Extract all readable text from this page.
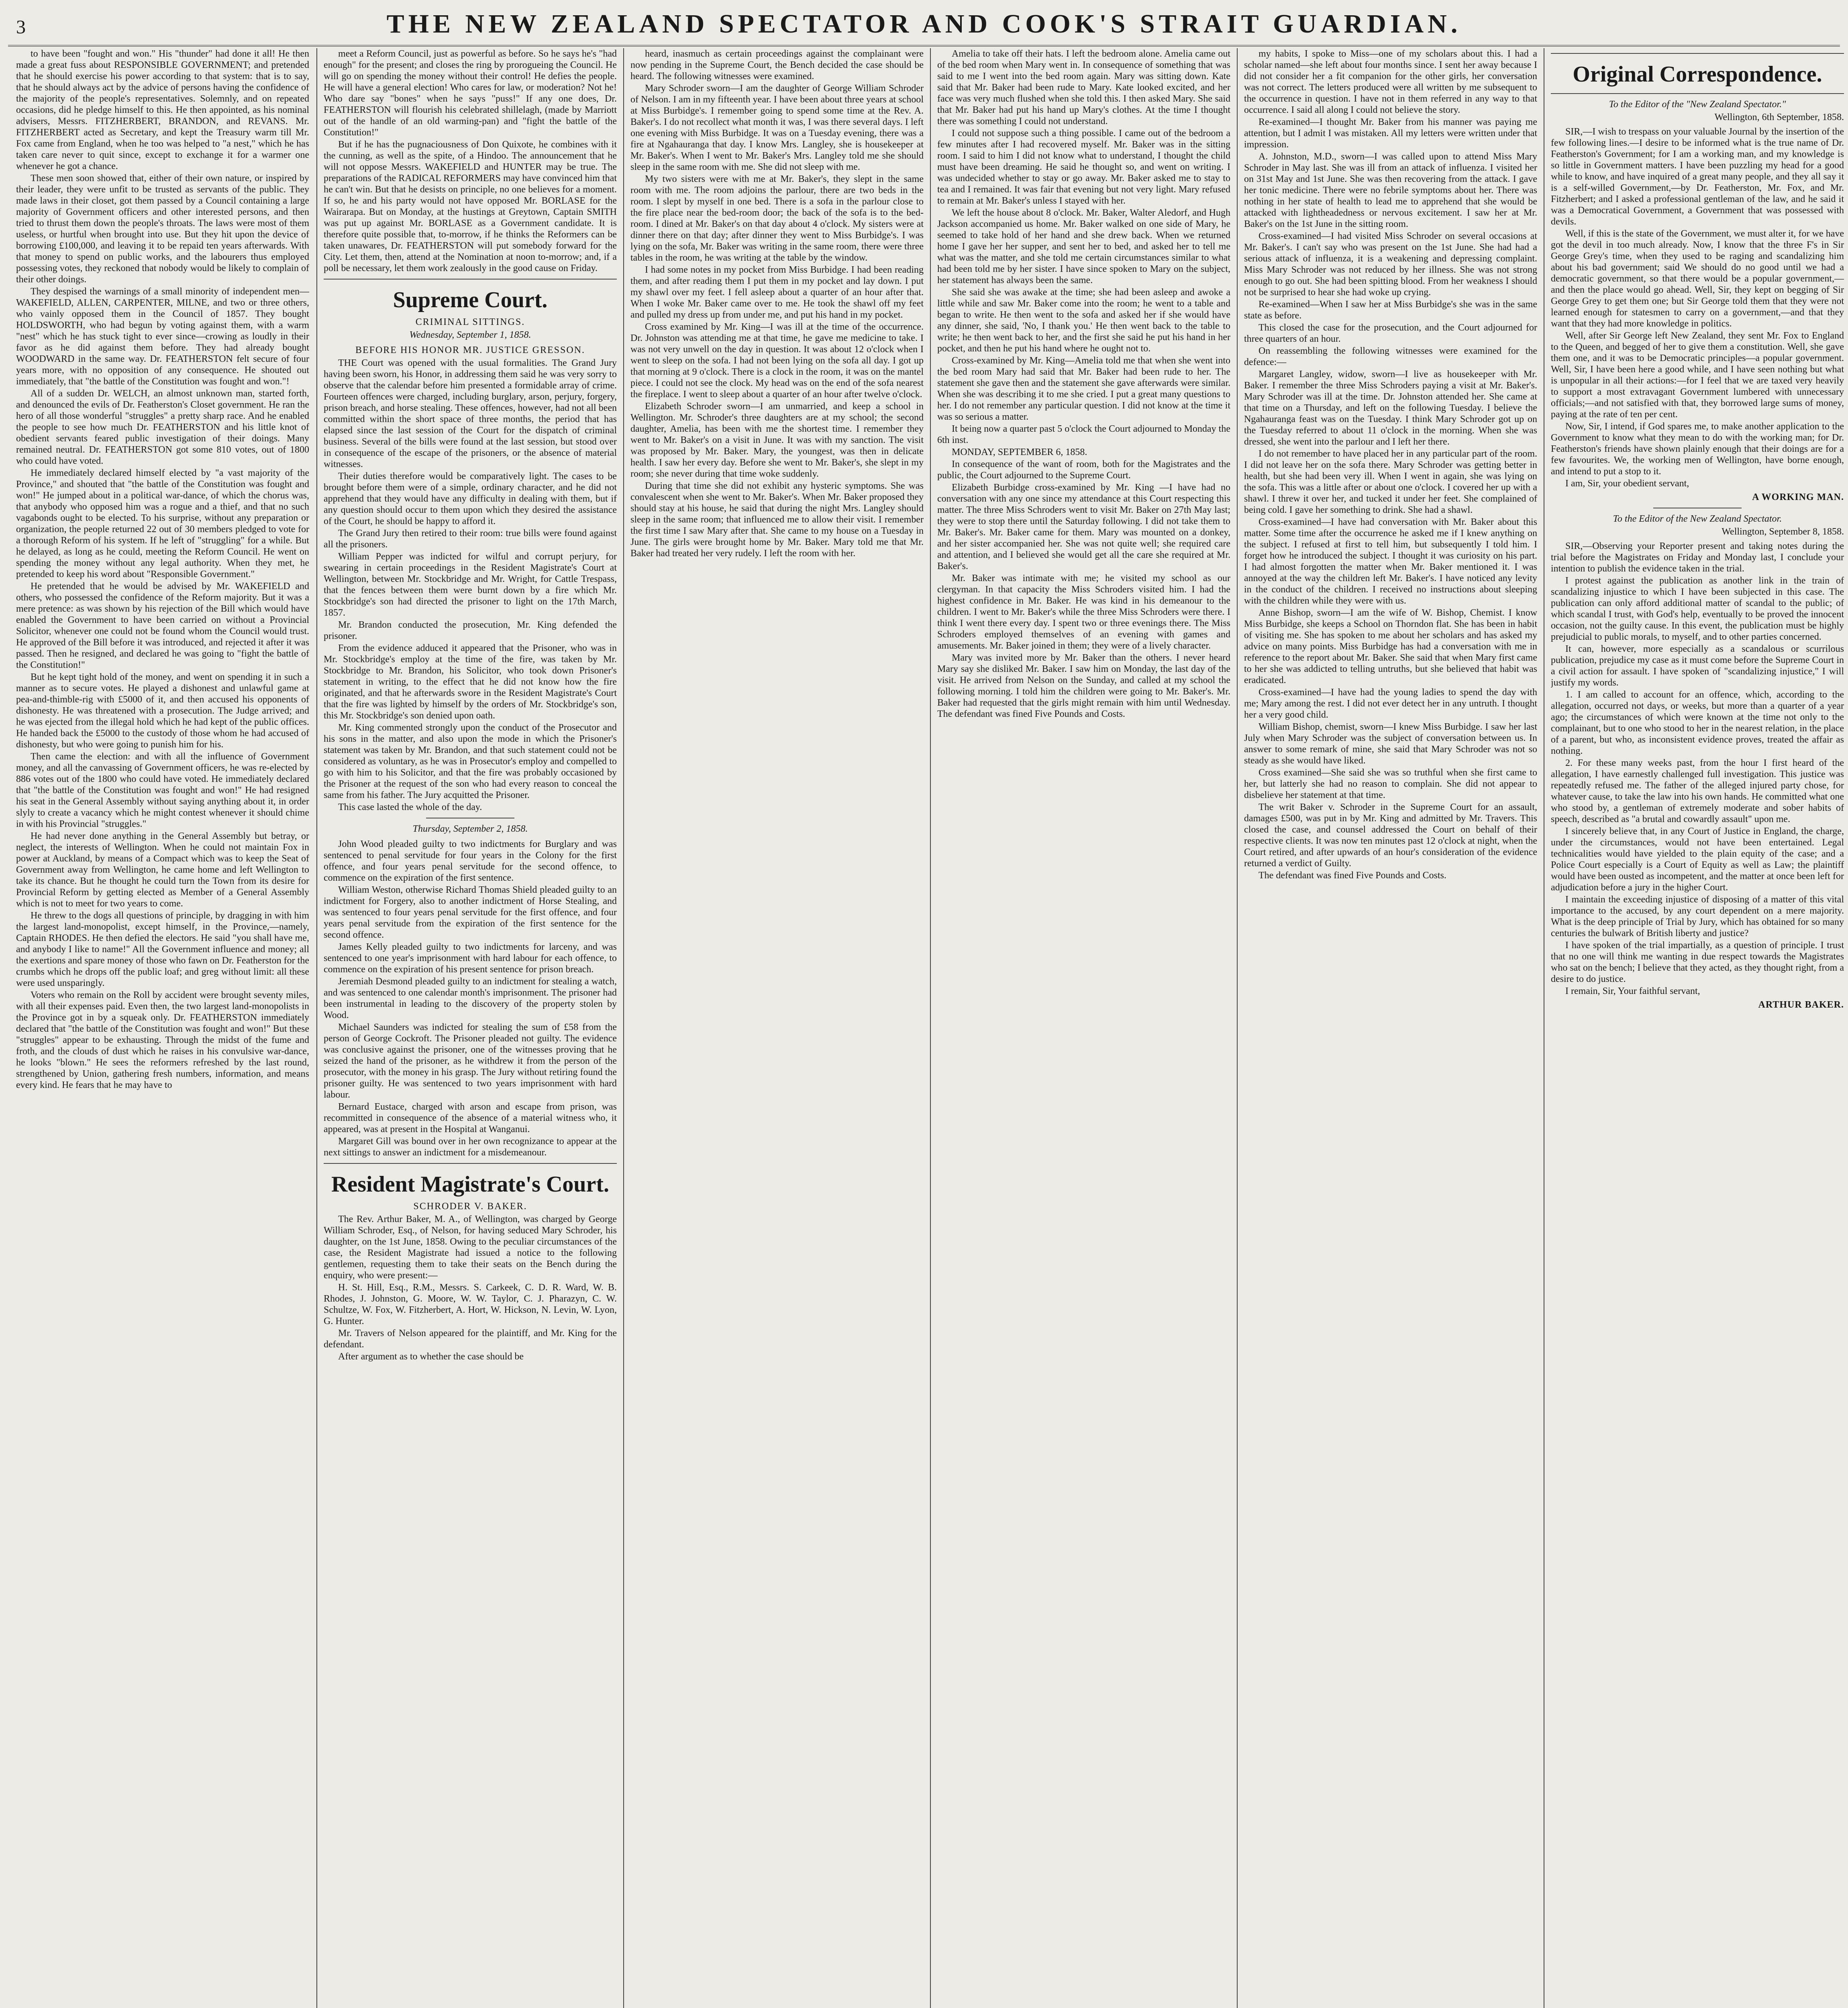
3	THE NEW ZEALAND SPECTATOR AND COOK'S STRAIT GUARDIAN.

to have been "fought and won." His "thunder" had done it all! He then made a great fuss about RESPONSIBLE GOVERNMENT; and pretended that he should exercise his power according to that system: that is to say, that he should always act by the advice of persons having the confidence of the majority of the people's representatives. Solemnly, and on repeated occasions, did he pledge himself to this. He then appointed, as his nominal advisers, Messrs. FITZHERBERT, BRANDON, and REVANS. Mr. FITZHERBERT acted as Secretary, and kept the Treasury warm till Mr. Fox came from England, when he too was helped to "a nest," which he has taken care never to quit since, except to exchange it for a warmer one whenever he got a chance.

These men soon showed that, either of their own nature, or inspired by their leader, they were unfit to be trusted as servants of the public. They made laws in their closet, got them passed by a Council containing a large majority of Government officers and other interested persons, and then tried to thrust them down the people's throats. The laws were most of them useless, or hurtful when brought into use. But they hit upon the device of borrowing £100,000, and leaving it to be repaid ten years afterwards. With that money to spend on public works, and the labourers thus employed possessing votes, they reckoned that nobody would be likely to complain of their other doings.

They despised the warnings of a small minority of independent men—WAKEFIELD, ALLEN, CARPENTER, MILNE, and two or three others, who vainly opposed them in the Council of 1857. They bought HOLDSWORTH, who had begun by voting against them, with a warm "nest" which he has stuck tight to ever since—crowing as loudly in their favor as he did against them before. They had already bought WOODWARD in the same way. Dr. FEATHERSTON felt secure of four years more, with no opposition of any consequence. He shouted out immediately, that "the battle of the Constitution was fought and won."!

All of a sudden Dr. WELCH, an almost unknown man, started forth, and denounced the evils of Dr. Featherston's Closet government. He ran the hero of all those wonderful "struggles" a pretty sharp race. And he enabled the people to see how much Dr. FEATHERSTON and his little knot of obedient servants feared public investigation of their doings. Many remained neutral. Dr. FEATHERSTON got some 810 votes, out of 1800 who could have voted.

He immediately declared himself elected by "a vast majority of the Province," and shouted that "the battle of the Constitution was fought and won!" He jumped about in a political war-dance, of which the chorus was, that anybody who opposed him was a rogue and a thief, and that no such vagabonds ought to be elected. To his surprise, without any preparation or organization, the people returned 22 out of 30 members pledged to vote for a thorough Reform of his system. If he left of "struggling" for a while. But he delayed, as long as he could, meeting the Reform Council. He went on spending the money without any legal authority. When they met, he pretended to keep his word about "Responsible Government."

He pretended that he would be advised by Mr. WAKEFIELD and others, who possessed the confidence of the Reform majority. But it was a mere pretence: as was shown by his rejection of the Bill which would have enabled the Government to have been carried on without a Provincial Solicitor, whenever one could not be found whom the Council would trust. He approved of the Bill before it was introduced, and rejected it after it was passed. Then he resigned, and declared he was going to "fight the battle of the Constitution!"

But he kept tight hold of the money, and went on spending it in such a manner as to secure votes. He played a dishonest and unlawful game at pea-and-thimble-rig with £5000 of it, and then accused his opponents of dishonesty. He was threatened with a prosecution. The Judge arrived; and he was ejected from the illegal hold which he had kept of the public offices. He handed back the £5000 to the custody of those whom he had accused of dishonesty, but who were going to punish him for his.

Then came the election: and with all the influence of Government money, and all the canvassing of Government officers, he was re-elected by 886 votes out of the 1800 who could have voted. He immediately declared that "the battle of the Constitution was fought and won!" He had resigned his seat in the General Assembly without saying anything about it, in order slyly to create a vacancy which he might contest whenever it should chime in with his Provincial "struggles."

He had never done anything in the General Assembly but betray, or neglect, the interests of Wellington. When he could not maintain Fox in power at Auckland, by means of a Compact which was to keep the Seat of Government away from Wellington, he came home and left Wellington to take its chance. But he thought he could turn the Town from its desire for Provincial Reform by getting elected as Member of a General Assembly which is not to meet for two years to come.

He threw to the dogs all questions of principle, by dragging in with him the largest land-monopolist, except himself, in the Province,—namely, Captain RHODES. He then defied the electors. He said "you shall have me, and anybody I like to name!" All the Government influence and money; all the exertions and spare money of those who fawn on Dr. Featherston for the crumbs which he drops off the public loaf; and greg without limit: all these were used unsparingly.

Voters who remain on the Roll by accident were brought seventy miles, with all their expenses paid. Even then, the two largest land-monopolists in the Province got in by a squeak only. Dr. FEATHERSTON immediately declared that "the battle of the Constitution was fought and won!" But these "struggles" appear to be exhausting. Through the midst of the fume and froth, and the clouds of dust which he raises in his convulsive war-dance, he looks "blown." He sees the reformers refreshed by the last round, strengthened by Union, gathering fresh numbers, information, and means every kind. He fears that he may have to

meet a Reform Council, just as powerful as before. So he says he's "had enough" for the present; and closes the ring by prorogueing the Council. He will go on spending the money without their control! He defies the people. He will have a general election! Who cares for law, or moderation? Not he! Who dare say "bones" when he says "puss!" If any one does, Dr. FEATHERSTON will flourish his celebrated shillelagh, (made by Marriott out of the handle of an old warming-pan) and "fight the battle of the Constitution!"

But if he has the pugnaciousness of Don Quixote, he combines with it the cunning, as well as the spite, of a Hindoo. The announcement that he will not oppose Messrs. WAKEFIELD and HUNTER may be true. The preparations of the RADICAL REFORMERS may have convinced him that he can't win. But that he desists on principle, no one believes for a moment. If so, he and his party would not have opposed Mr. BORLASE for the Wairarapa. But on Monday, at the hustings at Greytown, Captain SMITH was put up against Mr. BORLASE as a Government candidate. It is therefore quite possible that, to-morrow, if he thinks the Reformers can be taken unawares, Dr. FEATHERSTON will put somebody forward for the City. Let them, then, attend at the Nomination at noon to-morrow; and, if a poll be necessary, let them work zealously in the good cause on Friday.

Supreme Court.
CRIMINAL SITTINGS.
Wednesday, September 1, 1858.
BEFORE HIS HONOR MR. JUSTICE GRESSON.

THE Court was opened with the usual formalities. The Grand Jury having been sworn, his Honor, in addressing them said he was very sorry to observe that the calendar before him presented a formidable array of crime. Fourteen offences were charged, including burglary, arson, perjury, forgery, prison breach, and horse stealing. These offences, however, had not all been committed within the short space of three months, the period that has elapsed since the last session of the Court for the dispatch of criminal business. Several of the bills were found at the last session, but stood over in consequence of the escape of the prisoners, or the absence of material witnesses.

Their duties therefore would be comparatively light. The cases to be brought before them were of a simple, ordinary character, and he did not apprehend that they would have any difficulty in dealing with them, but if any question should occur to them upon which they desired the assistance of the Court, he should be happy to afford it.

The Grand Jury then retired to their room: true bills were found against all the prisoners.

William Pepper was indicted for wilful and corrupt perjury, for swearing in certain proceedings in the Resident Magistrate's Court at Wellington, between Mr. Stockbridge and Mr. Wright, for Cattle Trespass, that the fences between them were burnt down by a fire which Mr. Stockbridge's son had directed the prisoner to light on the 17th March, 1857.

Mr. Brandon conducted the prosecution, Mr. King defended the prisoner.

From the evidence adduced it appeared that the Prisoner, who was in Mr. Stockbridge's employ at the time of the fire, was taken by Mr. Stockbridge to Mr. Brandon, his Solicitor, who took down Prisoner's statement in writing, to the effect that he did not know how the fire originated, and that he afterwards swore in the Resident Magistrate's Court that the fire was lighted by himself by the orders of Mr. Stockbridge's son, this Mr. Stockbridge's son denied upon oath.

Mr. King commented strongly upon the conduct of the Prosecutor and his sons in the matter, and also upon the mode in which the Prisoner's statement was taken by Mr. Brandon, and that such statement could not be considered as voluntary, as he was in Prosecutor's employ and compelled to go with him to his Solicitor, and that the fire was probably occasioned by the Prisoner at the request of the son who had every reason to conceal the same from his father. The Jury acquitted the Prisoner.

This case lasted the whole of the day.

Thursday, September 2, 1858.

John Wood pleaded guilty to two indictments for Burglary and was sentenced to penal servitude for four years in the Colony for the first offence, and four years penal servitude for the second offence, to commence on the expiration of the first sentence.

William Weston, otherwise Richard Thomas Shield pleaded guilty to an indictment for Forgery, also to another indictment of Horse Stealing, and was sentenced to four years penal servitude for the first offence, and four years penal servitude from the expiration of the first sentence for the second offence.

James Kelly pleaded guilty to two indictments for larceny, and was sentenced to one year's imprisonment with hard labour for each offence, to commence on the expiration of his present sentence for prison breach.

Jeremiah Desmond pleaded guilty to an indictment for stealing a watch, and was sentenced to one calendar month's imprisonment. The prisoner had been instrumental in leading to the discovery of the property stolen by Wood.

Michael Saunders was indicted for stealing the sum of £58 from the person of George Cockroft. The Prisoner pleaded not guilty. The evidence was conclusive against the prisoner, one of the witnesses proving that he seized the hand of the prisoner, as he withdrew it from the person of the prosecutor, with the money in his grasp. The Jury without retiring found the prisoner guilty. He was sentenced to two years imprisonment with hard labour.

Bernard Eustace, charged with arson and escape from prison, was recommitted in consequence of the absence of a material witness who, it appeared, was at present in the Hospital at Wanganui.

Margaret Gill was bound over in her own recognizance to appear at the next sittings to answer an indictment for a misdemeanour.

Resident Magistrate's Court.
SCHRODER V. BAKER.

The Rev. Arthur Baker, M. A., of Wellington, was charged by George William Schroder, Esq., of Nelson, for having seduced Mary Schroder, his daughter, on the 1st June, 1858. Owing to the peculiar circumstances of the case, the Resident Magistrate had issued a notice to the following gentlemen, requesting them to take their seats on the Bench during the enquiry, who were present:—

H. St. Hill, Esq., R.M., Messrs. S. Carkeek, C. D. R. Ward, W. B. Rhodes, J. Johnston, G. Moore, W. W. Taylor, C. J. Pharazyn, C. W. Schultze, W. Fox, W. Fitzherbert, A. Hort, W. Hickson, N. Levin, W. Lyon, G. Hunter.

Mr. Travers of Nelson appeared for the plaintiff, and Mr. King for the defendant.

After argument as to whether the case should be

heard, inasmuch as certain proceedings against the complainant were now pending in the Supreme Court, the Bench decided the case should be heard. The following witnesses were examined.

Mary Schroder sworn—I am the daughter of George William Schroder of Nelson. I am in my fifteenth year. I have been about three years at school at Miss Burbidge's. I remember going to spend some time at the Rev. A. Baker's. I do not recollect what month it was, I was there several days. I left one evening with Miss Burbidge. It was on a Tuesday evening, there was a fire at Ngahauranga that day. I know Mrs. Langley, she is housekeeper at Mr. Baker's. When I went to Mr. Baker's Mrs. Langley told me she should sleep in the same room with me. She did not sleep with me.

My two sisters were with me at Mr. Baker's, they slept in the same room with me. The room adjoins the parlour, there are two beds in the room. I slept by myself in one bed. There is a sofa in the parlour close to the fire place near the bed-room door; the back of the sofa is to the bed-room. I dined at Mr. Baker's on that day about 4 o'clock. My sisters were at dinner there on that day; after dinner they went to Miss Burbidge's. I was lying on the sofa, Mr. Baker was writing in the same room, there were three tables in the room, he was writing at the table by the window.

I had some notes in my pocket from Miss Burbidge. I had been reading them, and after reading them I put them in my pocket and lay down. I put my shawl over my feet. I fell asleep about a quarter of an hour after that. When I woke Mr. Baker came over to me. He took the shawl off my feet and pulled my dress up from under me, and put his hand in my pocket.

Cross examined by Mr. King—I was ill at the time of the occurrence. Dr. Johnston was attending me at that time, he gave me medicine to take. I was not very unwell on the day in question. It was about 12 o'clock when I went to sleep on the sofa. I had not been lying on the sofa all day. I got up that morning at 9 o'clock. There is a clock in the room, it was on the mantel piece. I could not see the clock. My head was on the end of the sofa nearest the fireplace. I went to sleep about a quarter of an hour after twelve o'clock.

Elizabeth Schroder sworn—I am unmarried, and keep a school in Wellington. Mr. Schroder's three daughters are at my school; the second daughter, Amelia, has been with me the shortest time. I remember they went to Mr. Baker's on a visit in June. It was with my sanction. The visit was proposed by Mr. Baker. Mary, the youngest, was then in delicate health. I saw her every day. Before she went to Mr. Baker's, she slept in my room; she never during that time woke suddenly.

During that time she did not exhibit any hysteric symptoms. She was convalescent when she went to Mr. Baker's. When Mr. Baker proposed they should stay at his house, he said that during the night Mrs. Langley should sleep in the same room; that influenced me to allow their visit. I remember the first time I saw Mary after that. She came to my house on a Tuesday in June. The girls were brought home by Mr. Baker. Mary told me that Mr. Baker had treated her very rudely. I left the room with her.

Amelia to take off their hats. I left the bedroom alone. Amelia came out of the bed room when Mary went in. In consequence of something that was said to me I went into the bed room again. Mary was sitting down. Kate said that Mr. Baker had been rude to Mary. Kate looked excited, and her face was very much flushed when she told this. I then asked Mary. She said that Mr. Baker had put his hand up Mary's clothes. At the time I thought there was something I could not understand.

I could not suppose such a thing possible. I came out of the bedroom a few minutes after I had recovered myself. Mr. Baker was in the sitting room. I said to him I did not know what to understand, I thought the child must have been dreaming. He said he thought so, and went on writing. I was undecided whether to stay or go away. Mr. Baker asked me to stay to tea and I remained. It was fair that evening but not very light. Mary refused to remain at Mr. Baker's unless I stayed with her.

We left the house about 8 o'clock. Mr. Baker, Walter Aledorf, and Hugh Jackson accompanied us home. Mr. Baker walked on one side of Mary, he seemed to take hold of her hand and she drew back. When we returned home I gave her her supper, and sent her to bed, and asked her to tell me what was the matter, and she told me certain circumstances similar to what had been told me by her sister. I have since spoken to Mary on the subject, her statement has always been the same.

She said she was awake at the time; she had been asleep and awoke a little while and saw Mr. Baker come into the room; he went to a table and began to write. He then went to the sofa and asked her if she would have any dinner, she said, 'No, I thank you.' He then went back to the table to write; he then went back to her, and the first she said he put his hand in her pocket, and then he put his hand where he ought not to.

Cross-examined by Mr. King—Amelia told me that when she went into the bed room Mary had said that Mr. Baker had been rude to her. The statement she gave then and the statement she gave afterwards were similar. When she was describing it to me she cried. I put a great many questions to her. I do not remember any particular question. I did not know at the time it was so serious a matter.

It being now a quarter past 5 o'clock the Court adjourned to Monday the 6th inst.

MONDAY, SEPTEMBER 6, 1858.

In consequence of the want of room, both for the Magistrates and the public, the Court adjourned to the Supreme Court.

Elizabeth Burbidge cross-examined by Mr. King —I have had no conversation with any one since my attendance at this Court respecting this matter. The three Miss Schroders went to visit Mr. Baker on 27th May last; they were to stop there until the Saturday following. I did not take them to Mr. Baker's. Mr. Baker came for them. Mary was mounted on a donkey, and her sister accompanied her. She was not quite well; she required care and attention, and I believed she would get all the care she required at Mr. Baker's.

Mr. Baker was intimate with me; he visited my school as our clergyman. In that capacity the Miss Schroders visited him. I had the highest confidence in Mr. Baker. He was kind in his demeanour to the children. I went to Mr. Baker's while the three Miss Schroders were there. I think I went there every day. I spent two or three evenings there. The Miss Schroders employed themselves of an evening with games and amusements. Mr. Baker joined in them; they were of a lively character.

Mary was invited more by Mr. Baker than the others. I never heard Mary say she disliked Mr. Baker. I saw him on Monday, the last day of the visit. He arrived from Nelson on the Sunday, and called at my school the following morning. I told him the children were going to Mr. Baker's. Mr. Baker had requested that the girls might remain with him until Wednesday. The defendant was fined Five Pounds and Costs.

my habits, I spoke to Miss—one of my scholars about this. I had a scholar named—she left about four months since. I sent her away because I did not consider her a fit companion for the other girls, her conversation was not correct. The letters produced were all written by me subsequent to the occurrence in question. I have not in them referred in any way to that occurrence. I said all along I could not believe the story.

Re-examined—I thought Mr. Baker from his manner was paying me attention, but I admit I was mistaken. All my letters were written under that impression.

A. Johnston, M.D., sworn—I was called upon to attend Miss Mary Schroder in May last. She was ill from an attack of influenza. I visited her on 31st May and 1st June. She was then recovering from the attack. I gave her tonic medicine. There were no febrile symptoms about her. There was nothing in her state of health to lead me to apprehend that she would be attacked with lightheadedness or nervous excitement. I saw her at Mr. Baker's on the 1st June in the sitting room.

Cross-examined—I had visited Miss Schroder on several occasions at Mr. Baker's. I can't say who was present on the 1st June. She had had a serious attack of influenza, it is a weakening and depressing complaint. Miss Mary Schroder was not reduced by her illness. She was not strong enough to go out. She had been spitting blood. From her weakness I should not be surprised to hear she had woke up crying.

Re-examined—When I saw her at Miss Burbidge's she was in the same state as before.

This closed the case for the prosecution, and the Court adjourned for three quarters of an hour.

On reassembling the following witnesses were examined for the defence:—

Margaret Langley, widow, sworn—I live as housekeeper with Mr. Baker. I remember the three Miss Schroders paying a visit at Mr. Baker's. Mary Schroder was ill at the time. Dr. Johnston attended her. She came at that time on a Thursday, and left on the following Tuesday. I believe the Ngahauranga feast was on the Tuesday. I think Mary Schroder got up on the Tuesday referred to about 11 o'clock in the morning. When she was dressed, she went into the parlour and I left her there.

I do not remember to have placed her in any particular part of the room. I did not leave her on the sofa there. Mary Schroder was getting better in health, but she had been very ill. When I went in again, she was lying on the sofa. This was a little after or about one o'clock. I covered her up with a shawl. I threw it over her, and tucked it under her feet. She complained of being cold. I gave her something to drink. She had a shawl.

Cross-examined—I have had conversation with Mr. Baker about this matter. Some time after the occurrence he asked me if I knew anything on the subject. I refused at first to tell him, but subsequently I told him. I forget how he introduced the subject. I thought it was curiosity on his part. I had almost forgotten the matter when Mr. Baker mentioned it. I was annoyed at the way the children left Mr. Baker's. I have noticed any levity in the conduct of the children. I received no instructions about sleeping with the children while they were with us.

Anne Bishop, sworn—I am the wife of W. Bishop, Chemist. I know Miss Burbidge, she keeps a School on Thorndon flat. She has been in habit of visiting me. She has spoken to me about her scholars and has asked my advice on many points. Miss Burbidge has had a conversation with me in reference to the report about Mr. Baker. She said that when Mary first came to her she was addicted to telling untruths, but she believed that habit was eradicated.

Cross-examined—I have had the young ladies to spend the day with me; Mary among the rest. I did not ever detect her in any untruth. I thought her a very good child.

William Bishop, chemist, sworn—I knew Miss Burbidge. I saw her last July when Mary Schroder was the subject of conversation between us. In answer to some remark of mine, she said that Mary Schroder was not so steady as she would have liked.

Cross examined—She said she was so truthful when she first came to her, but latterly she had no reason to complain. She did not appear to disbelieve her statement at that time.

The writ Baker v. Schroder in the Supreme Court for an assault, damages £500, was put in by Mr. King and admitted by Mr. Travers. This closed the case, and counsel addressed the Court on behalf of their respective clients. It was now ten minutes past 12 o'clock at night, when the Court retired, and after upwards of an hour's consideration of the evidence returned a verdict of Guilty.

The defendant was fined Five Pounds and Costs.

Original Correspondence.
To the Editor of the "New Zealand Spectator."
Wellington, 6th September, 1858.

SIR,—I wish to trespass on your valuable Journal by the insertion of the few following lines.—I desire to be informed what is the true name of Dr. Featherston's Government; for I am a working man, and my knowledge is so little in Government matters. I have been puzzling my head for a good while to know, and have inquired of a great many people, and they all say it is a self-willed Government,—by Dr. Featherston, Mr. Fox, and Mr. Fitzherbert; and I asked a professional gentleman of the law, and he said it was a Democratical Government, a Government that was possessed with devils.

Well, if this is the state of the Government, we must alter it, for we have got the devil in too much already. Now, I know that the three F's in Sir George Grey's time, when they used to be raging and scandalizing him about his bad government; said We should do no good until we had a democratic government, so that there would be a popular government,—and then the place would go ahead. Well, Sir, they kept on begging of Sir George Grey to get them one; but Sir George told them that they were not learned enough for statesmen to carry on a government,—and that they want that they had more knowledge in politics.

Well, after Sir George left New Zealand, they sent Mr. Fox to England to the Queen, and begged of her to give them a constitution. Well, she gave them one, and it was to be Democratic principles—a popular government. Well, Sir, I have been here a good while, and I have seen nothing but what is unpopular in all their actions:—for I feel that we are taxed very heavily to support a most extravagant Government lumbered with unnecessary officials;—and not satisfied with that, they borrowed large sums of money, paying at the rate of ten per cent.

Now, Sir, I intend, if God spares me, to make another application to the Government to know what they mean to do with the working man; for Dr. Featherston's friends have shown plainly enough that their doings are for a few favourites. We, the working men of Wellington, have borne enough, and intend to put a stop to it.

I am, Sir, your obedient servant,

A WORKING MAN.
To the Editor of the New Zealand Spectator.
Wellington, September 8, 1858.

SIR,—Observing your Reporter present and taking notes during the trial before the Magistrates on Friday and Monday last, I conclude your intention to publish the evidence taken in the trial.

I protest against the publication as another link in the train of scandalizing injustice to which I have been subjected in this case. The publication can only afford additional matter of scandal to the public; of which scandal I trust, with God's help, eventually to be proved the innocent occasion, not the guilty cause. In this event, the publication must be highly prejudicial to public morals, to myself, and to other parties concerned.

It can, however, more especially as a scandalous or scurrilous publication, prejudice my case as it must come before the Supreme Court in a civil action for assault. I have spoken of "scandalizing injustice," I will justify my words.

1. I am called to account for an offence, which, according to the allegation, occurred not days, or weeks, but more than a quarter of a year ago; the circumstances of which were known at the time not only to the complainant, but to one who stood to her in the nearest relation, in the place of a parent, but who, as inconsistent evidence proves, treated the affair as nothing.

2. For these many weeks past, from the hour I first heard of the allegation, I have earnestly challenged full investigation. This justice was repeatedly refused me. The father of the alleged injured party chose, for whatever cause, to take the law into his own hands. He committed what one who stood by, a gentleman of extremely moderate and sober habits of speech, described as "a brutal and cowardly assault" upon me.

I sincerely believe that, in any Court of Justice in England, the charge, under the circumstances, would not have been entertained. Legal technicalities would have yielded to the plain equity of the case; and a Police Court especially is a Court of Equity as well as Law; the plaintiff would have been ousted as incompetent, and the matter at once been left for adjudication before a jury in the higher Court.

I maintain the exceeding injustice of disposing of a matter of this vital importance to the accused, by any court dependent on a mere majority. What is the deep principle of Trial by Jury, which has obtained for so many centuries the bulwark of British liberty and justice?

I have spoken of the trial impartially, as a question of principle. I trust that no one will think me wanting in due respect towards the Magistrates who sat on the bench; I believe that they acted, as they thought right, from a desire to do justice.

I remain, Sir, Your faithful servant,

ARTHUR BAKER.
